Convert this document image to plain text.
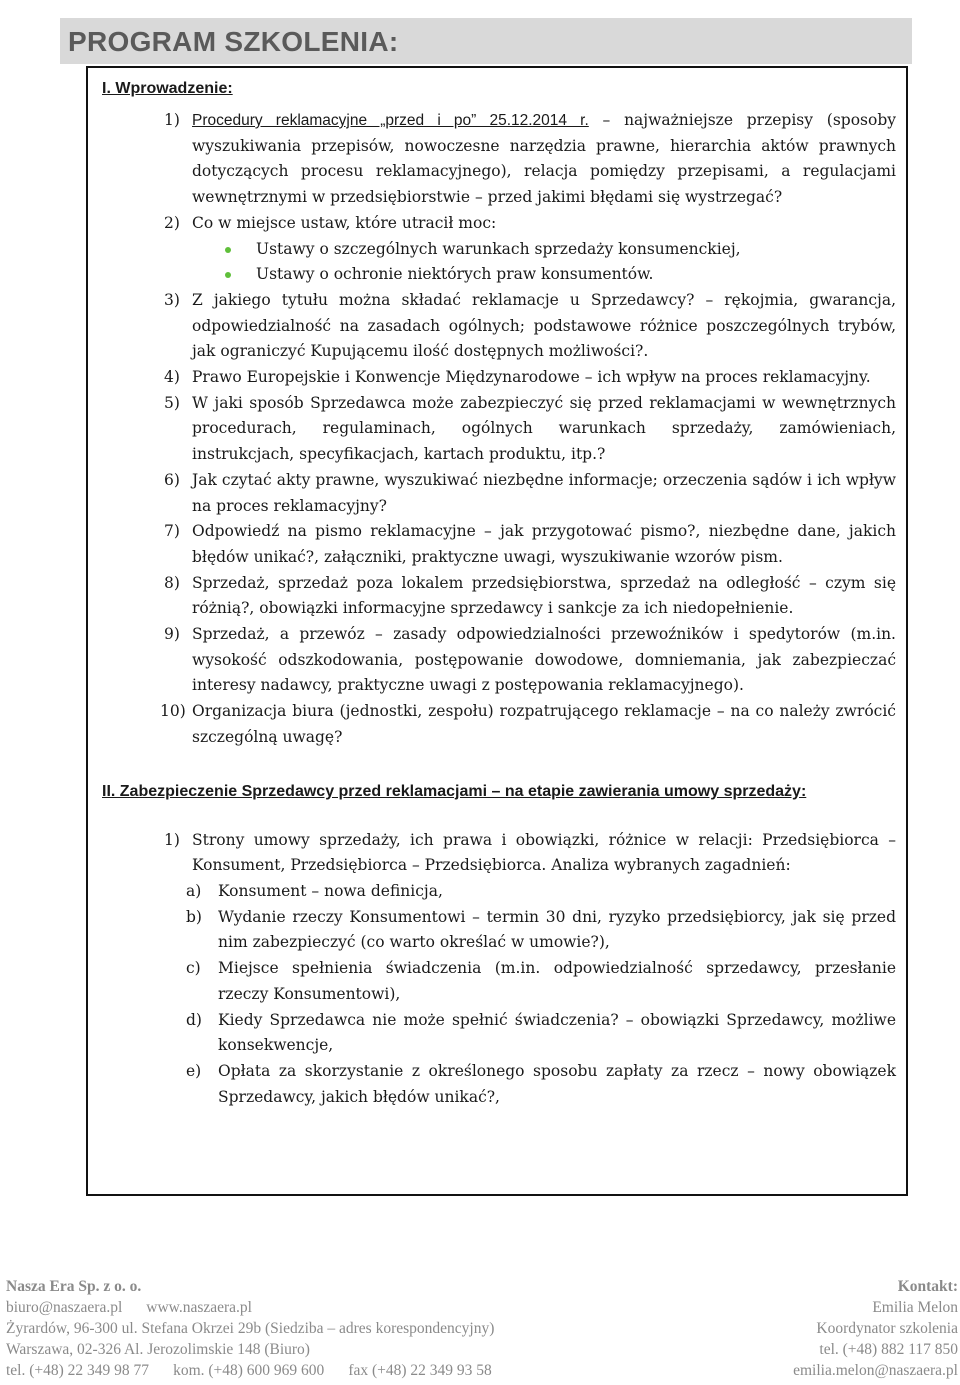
PROGRAM SZKOLENIA:
I. Wprowadzenie:
1) Procedury reklamacyjne „przed i po” 25.12.2014 r. – najważniejsze przepisy (sposoby wyszukiwania przepisów, nowoczesne narzędzia prawne, hierarchia aktów prawnych dotyczących procesu reklamacyjnego), relacja pomiędzy przepisami, a regulacjami wewnętrznymi w przedsiębiorstwie – przed jakimi błędami się wystrzegać?
2) Co w miejsce ustaw, które utracił moc:
Ustawy o szczególnych warunkach sprzedaży konsumenckiej,
Ustawy o ochronie niektórych praw konsumentów.
3) Z jakiego tytułu można składać reklamacje u Sprzedawcy? – rękojmia, gwarancja, odpowiedzialność na zasadach ogólnych; podstawowe różnice poszczególnych trybów, jak ograniczyć Kupującemu ilość dostępnych możliwości?.
4) Prawo Europejskie i Konwencje Międzynarodowe – ich wpływ na proces reklamacyjny.
5) W jaki sposób Sprzedawca może zabezpieczyć się przed reklamacjami w wewnętrznych procedurach, regulaminach, ogólnych warunkach sprzedaży, zamówieniach, instrukcjach, specyfikacjach, kartach produktu, itp.?
6) Jak czytać akty prawne, wyszukiwać niezbędne informacje; orzeczenia sądów i ich wpływ na proces reklamacyjny?
7) Odpowiedź na pismo reklamacyjne – jak przygotować pismo?, niezbędne dane, jakich błędów unikać?, załączniki, praktyczne uwagi, wyszukiwanie wzorów pism.
8) Sprzedaż, sprzedaż poza lokalem przedsiębiorstwa, sprzedaż na odległość – czym się różnią?, obowiązki informacyjne sprzedawcy i sankcje za ich niedopełnienie.
9) Sprzedaż, a przewóz – zasady odpowiedzialności przewoźników i spedytorów (m.in. wysokość odszkodowania, postępowanie dowodowe, domniemania, jak zabezpieczać interesy nadawcy, praktyczne uwagi z postępowania reklamacyjnego).
10) Organizacja biura (jednostki, zespołu) rozpatrującego reklamacje – na co należy zwrócić szczególną uwagę?
II. Zabezpieczenie Sprzedawcy przed reklamacjami – na etapie zawierania umowy sprzedaży:
1) Strony umowy sprzedaży, ich prawa i obowiązki, różnice w relacji: Przedsiębiorca – Konsument, Przedsiębiorca – Przedsiębiorca. Analiza wybranych zagadnień:
a) Konsument – nowa definicja,
b) Wydanie rzeczy Konsumentowi – termin 30 dni, ryzyko przedsiębiorcy, jak się przed nim zabezpieczyć (co warto określać w umowie?),
c) Miejsce spełnienia świadczenia (m.in. odpowiedzialność sprzedawcy, przesłanie rzeczy Konsumentowi),
d) Kiedy Sprzedawca nie może spełnić świadczenia? – obowiązki Sprzedawcy, możliwe konsekwencje,
e) Opłata za skorzystanie z określonego sposobu zapłaty za rzecz – nowy obowiązek Sprzedawcy, jakich błędów unikać?,
Nasza Era Sp. z o. o.
biuro@naszaera.pl www.naszaera.pl
Żyrardów, 96-300 ul. Stefana Okrzei 29b (Siedziba – adres korespondencyjny)
Warszawa, 02-326 Al. Jerozolimskie 148 (Biuro)
tel. (+48) 22 349 98 77 kom. (+48) 600 969 600 fax (+48) 22 349 93 58
Kontakt:
Emilia Melon
Koordynator szkolenia
tel. (+48) 882 117 850
emilia.melon@naszaera.pl
